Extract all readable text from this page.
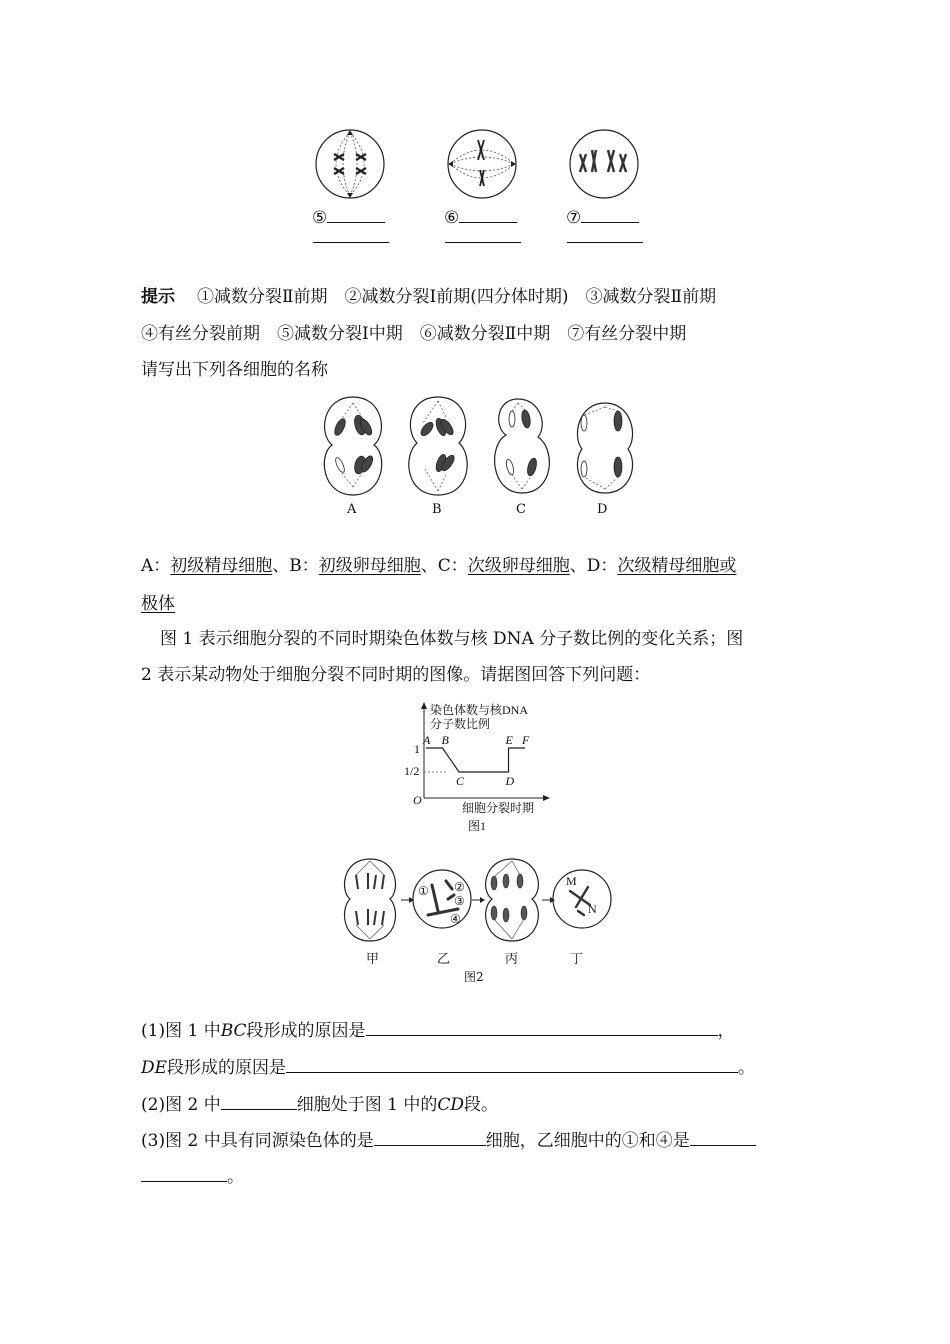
⑤	⑥	⑦
提示 ①减数分裂Ⅱ前期　②减数分裂Ⅰ前期(四分体时期)　③减数分裂Ⅱ前期
④有丝分裂前期　⑤减数分裂Ⅰ中期　⑥减数分裂Ⅱ中期　⑦有丝分裂中期
请写出下列各细胞的名称
A	B	C	D
A：初级精母细胞、B：初级卵母细胞、C：次级卵母细胞、D：次级精母细胞或
极体
图 1 表示细胞分裂的不同时期染色体数与核 DNA 分子数比例的变化关系；图
2 表示某动物处于细胞分裂不同时期的图像。请据图回答下列问题：
染色体数与核DNA
分子数比例
细胞分裂时期
O
1
1/2
A B
C	D
E F
图1
① ②
③
④
M
N
甲	乙	丙	丁
图2
(1)图 1 中BC段形成的原因是	，
DE段形成的原因是	。
(2)图 2 中	细胞处于图 1 中的CD段。
(3)图 2 中具有同源染色体的是	细胞，乙细胞中的①和④是
。
